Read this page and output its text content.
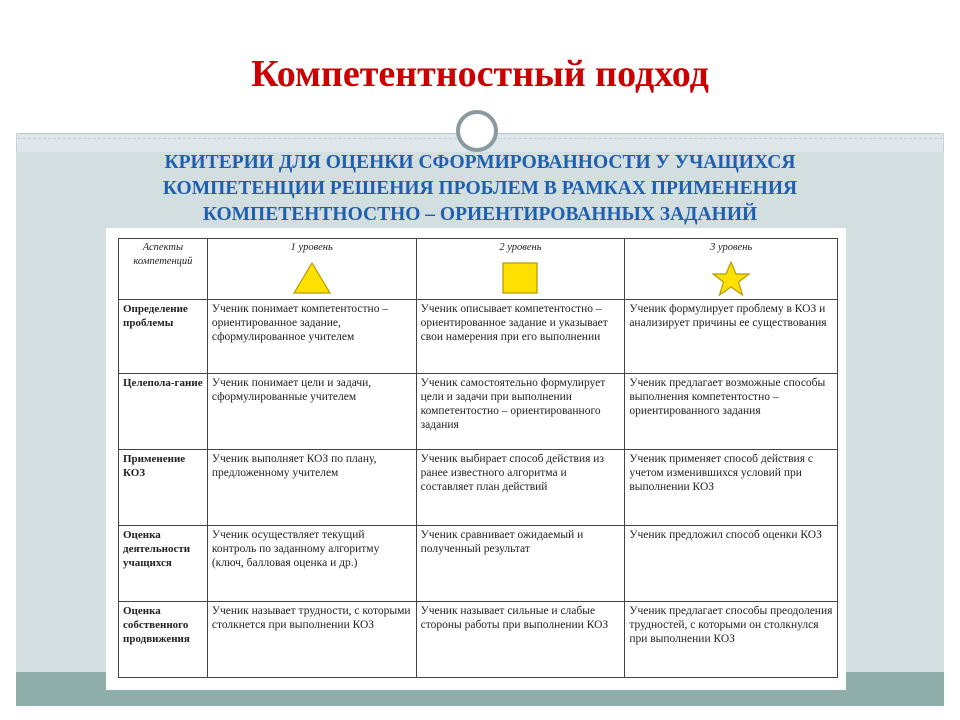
Компетентностный подход
КРИТЕРИИ ДЛЯ ОЦЕНКИ СФОРМИРОВАННОСТИ У УЧАЩИХСЯ
КОМПЕТЕНЦИИ РЕШЕНИЯ ПРОБЛЕМ В РАМКАХ ПРИМЕНЕНИЯ
КОМПЕТЕНТНОСТНО – ОРИЕНТИРОВАННЫХ ЗАДАНИЙ
Аспекты компетенций	1 уровень	2 уровень	3 уровень

Определение проблемы	Ученик понимает компетентостно – ориентированное задание, сформулированное учителем	Ученик описывает компетентостно – ориентированное задание и указывает свои намерения при его выполнении	Ученик формулирует проблему в КОЗ и анализирует причины ее существования
Целепола-гание	Ученик понимает цели и задачи, сформулированные учителем	Ученик самостоятельно формулирует цели и задачи при выполнении компетентостно – ориентированного задания	Ученик предлагает возможные способы выполнения компетентостно – ориентированного задания
Применение КОЗ	Ученик выполняет КОЗ по плану, предложенному учителем	Ученик выбирает способ действия из ранее известного алгоритма и составляет план действий	Ученик применяет способ действия с учетом изменившихся условий при выполнении КОЗ
Оценка деятельности учащихся	Ученик осуществляет текущий контроль по заданному алгоритму (ключ, балловая оценка и др.)	Ученик сравнивает ожидаемый и полученный результат	Ученик предложил способ оценки КОЗ
Оценка собственного продвижения	Ученик называет трудности, с которыми столкнется при выполнении КОЗ	Ученик называет сильные и слабые стороны работы при выполнении КОЗ	Ученик предлагает способы преодоления трудностей, с которыми он столкнулся при выполнении КОЗ
